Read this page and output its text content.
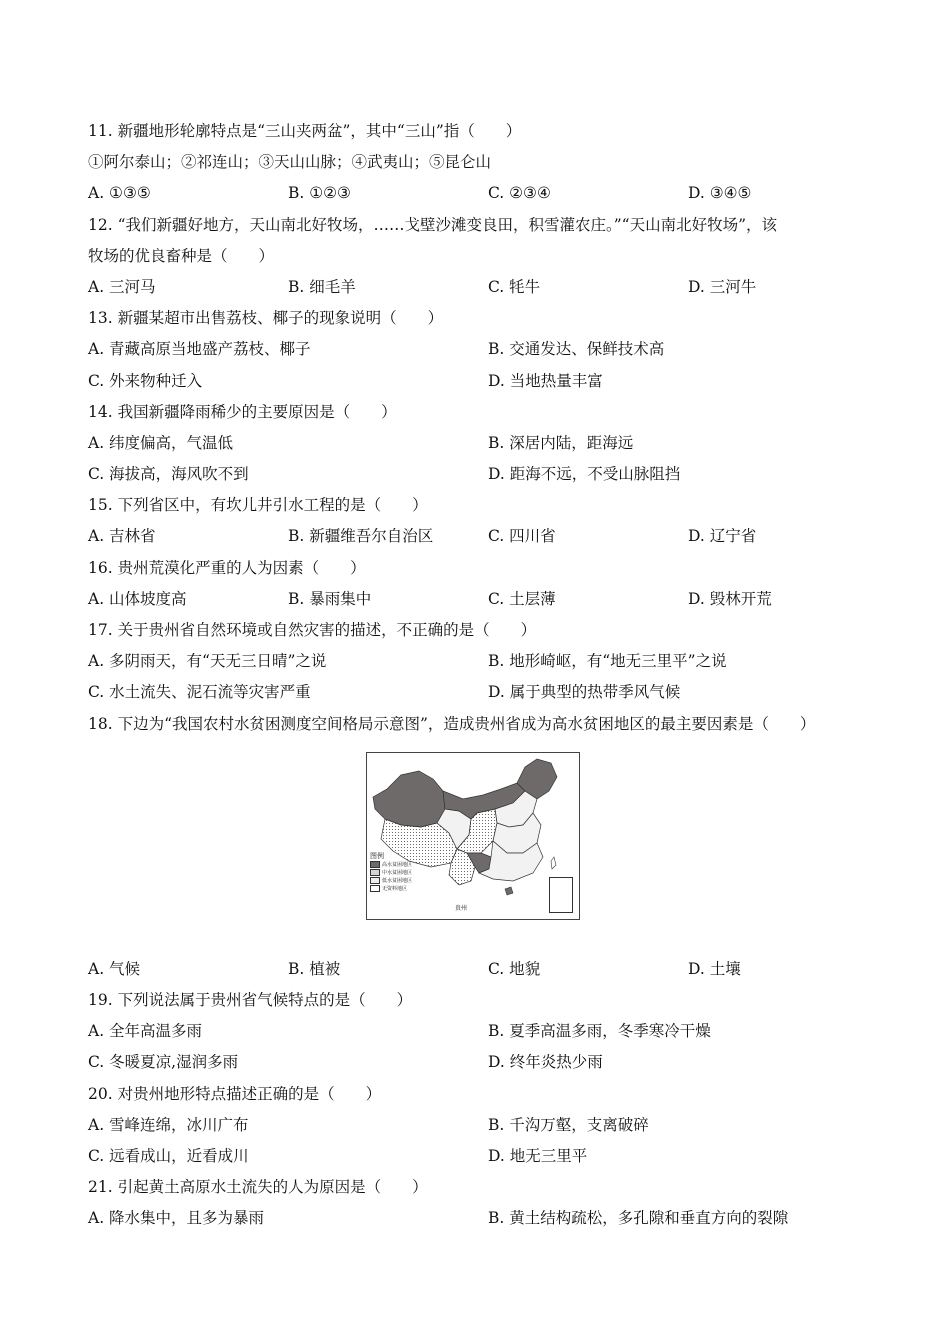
11. 新疆地形轮廓特点是“三山夹两盆”，其中“三山”指（　　）
①阿尔泰山；②祁连山；③天山山脉；④武夷山；⑤昆仑山
A. ①③⑤	B. ①②③	C. ②③④	D. ③④⑤
12. “我们新疆好地方，天山南北好牧场，……戈壁沙滩变良田，积雪灌农庄。”“天山南北好牧场”，该
牧场的优良畜种是（　　）
A. 三河马	B. 细毛羊	C. 牦牛	D. 三河牛
13. 新疆某超市出售荔枝、椰子的现象说明（　　）
A. 青藏高原当地盛产荔枝、椰子	B. 交通发达、保鲜技术高
C. 外来物种迁入	D. 当地热量丰富
14. 我国新疆降雨稀少的主要原因是（　　）
A. 纬度偏高，气温低	B. 深居内陆，距海远
C. 海拔高，海风吹不到	D. 距海不远，不受山脉阻挡
15. 下列省区中，有坎儿井引水工程的是（　　）
A. 吉林省	B. 新疆维吾尔自治区	C. 四川省	D. 辽宁省
16. 贵州荒漠化严重的人为因素（　　）
A. 山体坡度高	B. 暴雨集中	C. 土层薄	D. 毁林开荒
17. 关于贵州省自然环境或自然灾害的描述，不正确的是（　　）
A. 多阴雨天，有“天无三日晴”之说	B. 地形崎岖，有“地无三里平”之说
C. 水土流失、泥石流等灾害严重	D. 属于典型的热带季风气候
18. 下边为“我国农村水贫困测度空间格局示意图”，造成贵州省成为高水贫困地区的最主要因素是（　　）
图例
高水贫困地区
中水贫困地区
低水贫困地区
无资料地区
贵州
A. 气候	B. 植被	C. 地貌	D. 土壤
19. 下列说法属于贵州省气候特点的是（　　）
A. 全年高温多雨	B. 夏季高温多雨，冬季寒冷干燥
C. 冬暖夏凉,湿润多雨	D. 终年炎热少雨
20. 对贵州地形特点描述正确的是（　　）
A. 雪峰连绵，冰川广布	B. 千沟万壑，支离破碎
C. 远看成山，近看成川	D. 地无三里平
21. 引起黄土高原水土流失的人为原因是（　　）
A. 降水集中，且多为暴雨	B. 黄土结构疏松，多孔隙和垂直方向的裂隙
